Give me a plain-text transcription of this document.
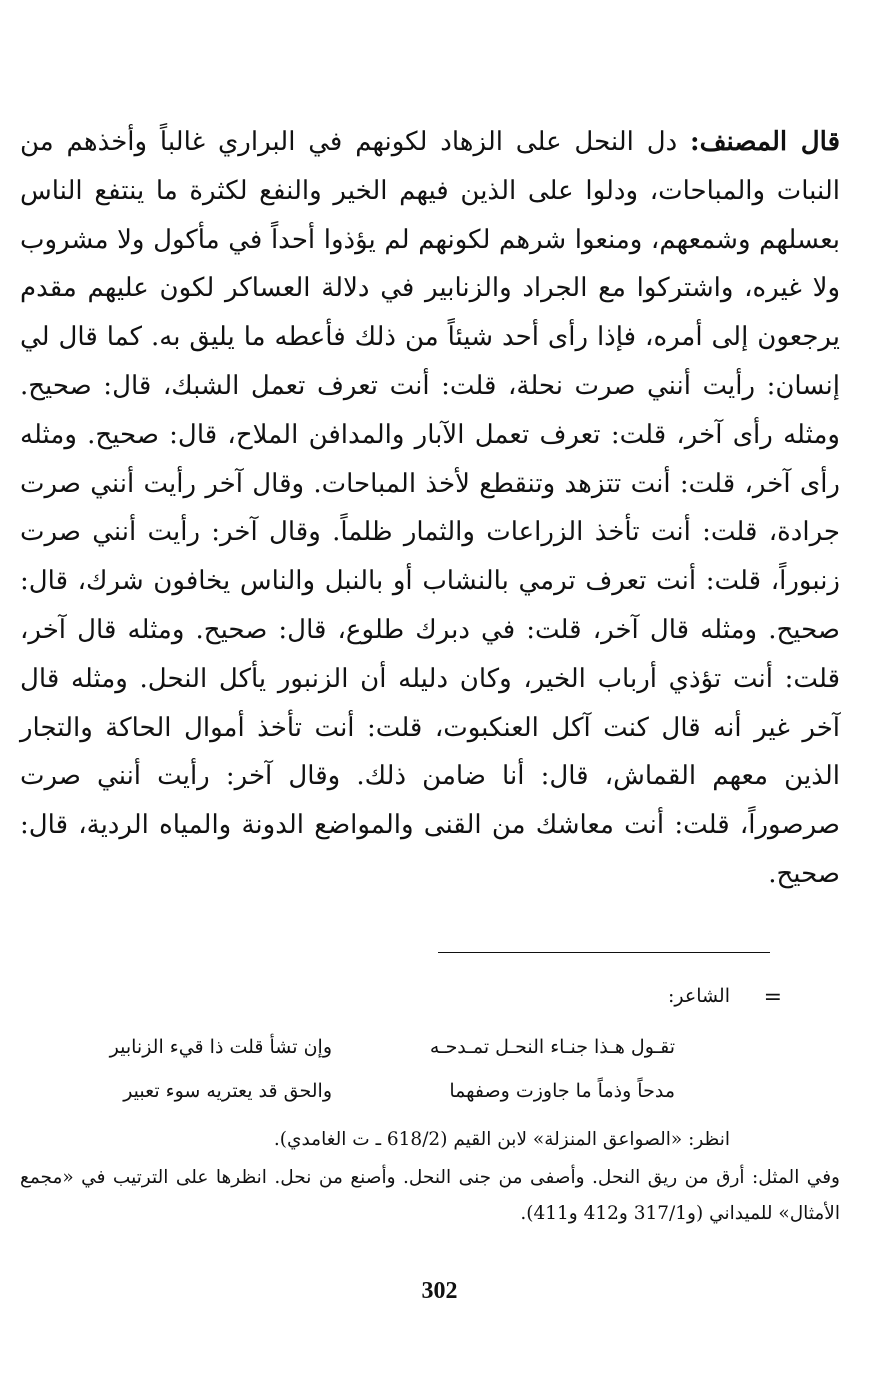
قال المصنف: دل النحل على الزهاد لكونهم في البراري غالباً وأخذهم من النبات والمباحات، ودلوا على الذين فيهم الخير والنفع لكثرة ما ينتفع الناس بعسلهم وشمعهم، ومنعوا شرهم لكونهم لم يؤذوا أحداً في مأكول ولا مشروب ولا غيره، واشتركوا مع الجراد والزنابير في دلالة العساكر لكون عليهم مقدم يرجعون إلى أمره، فإذا رأى أحد شيئاً من ذلك فأعطه ما يليق به. كما قال لي إنسان: رأيت أنني صرت نحلة، قلت: أنت تعرف تعمل الشبك، قال: صحيح. ومثله رأى آخر، قلت: تعرف تعمل الآبار والمدافن الملاح، قال: صحيح. ومثله رأى آخر، قلت: أنت تتزهد وتنقطع لأخذ المباحات. وقال آخر رأيت أنني صرت جرادة، قلت: أنت تأخذ الزراعات والثمار ظلماً. وقال آخر: رأيت أنني صرت زنبوراً، قلت: أنت تعرف ترمي بالنشاب أو بالنبل والناس يخافون شرك، قال: صحيح. ومثله قال آخر، قلت: في دبرك طلوع، قال: صحيح. ومثله قال آخر، قلت: أنت تؤذي أرباب الخير، وكان دليله أن الزنبور يأكل النحل. ومثله قال آخر غير أنه قال كنت آكل العنكبوت، قلت: أنت تأخذ أموال الحاكة والتجار الذين معهم القماش، قال: أنا ضامن ذلك. وقال آخر: رأيت أنني صرت صرصوراً، قلت: أنت معاشك من القنى والمواضع الدونة والمياه الردية، قال: صحيح.
=
الشاعر:
تقـول هـذا جنـاء النحـل تمـدحـه
وإن تشأ قلت ذا قيء الزنابير
مدحاً وذماً ما جاوزت وصفهما
والحق قد يعتريه سوء تعبير
انظر: «الصواعق المنزلة» لابن القيم (618/2 ـ ت الغامدي).
وفي المثل: أرق من ريق النحل. وأصفى من جنى النحل. وأصنع من نحل. انظرها على الترتيب في «مجمع الأمثال» للميداني (و317/1 و412 و411).
302
